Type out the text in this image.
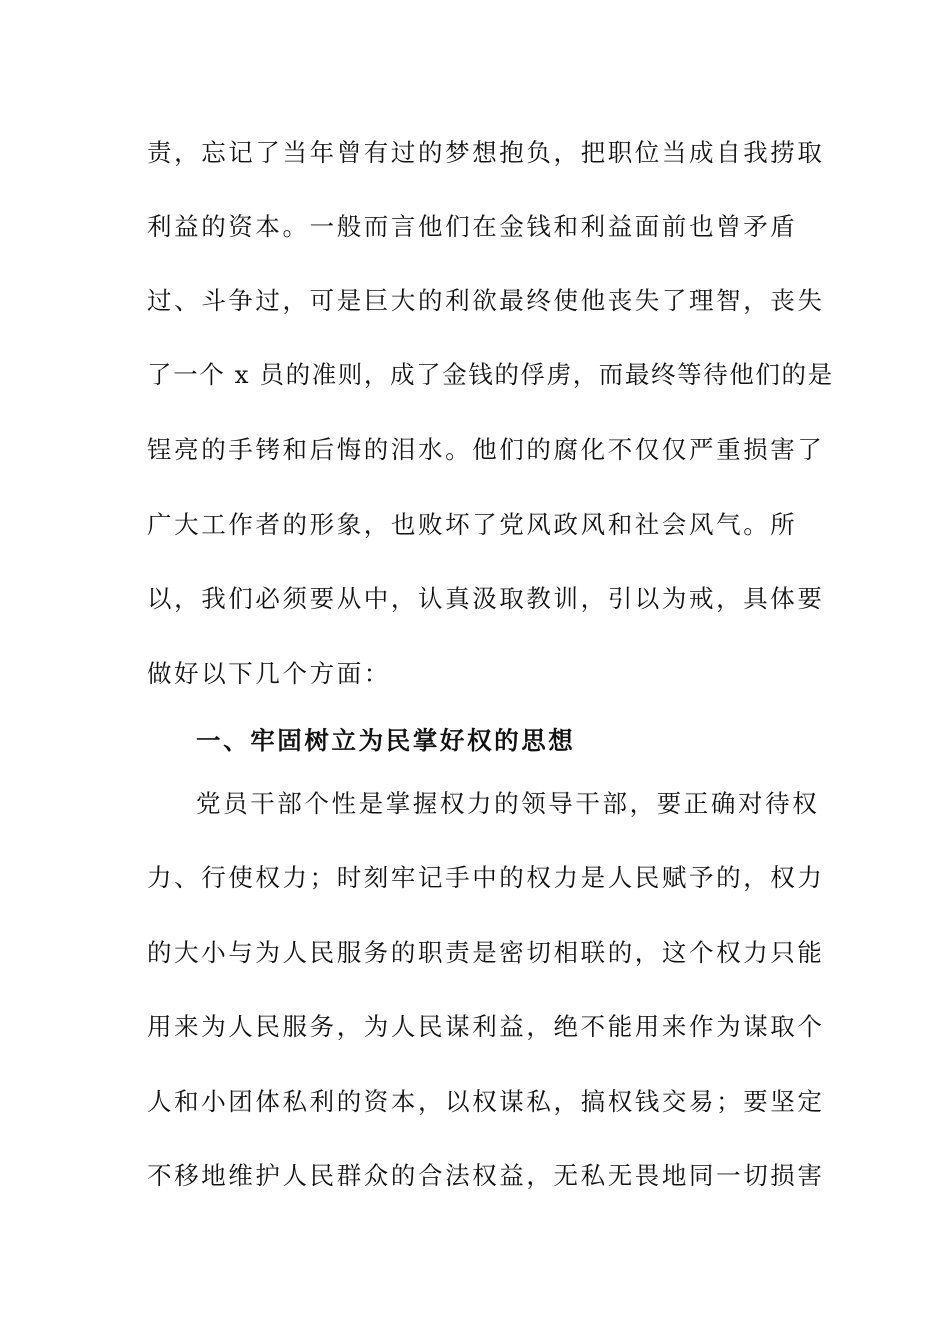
责，忘记了当年曾有过的梦想抱负，把职位当成自我捞取
利益的资本。一般而言他们在金钱和利益面前也曾矛盾
过、斗争过，可是巨大的利欲最终使他丧失了理智，丧失
了一个 x 员的准则，成了金钱的俘虏，而最终等待他们的是
锃亮的手铐和后悔的泪水。他们的腐化不仅仅严重损害了
广大工作者的形象，也败坏了党风政风和社会风气。所
以，我们必须要从中，认真汲取教训，引以为戒，具体要
做好以下几个方面：
一、牢固树立为民掌好权的思想
党员干部个性是掌握权力的领导干部，要正确对待权
力、行使权力；时刻牢记手中的权力是人民赋予的，权力
的大小与为人民服务的职责是密切相联的，这个权力只能
用来为人民服务，为人民谋利益，绝不能用来作为谋取个
人和小团体私利的资本，以权谋私，搞权钱交易；要坚定
不移地维护人民群众的合法权益，无私无畏地同一切损害
